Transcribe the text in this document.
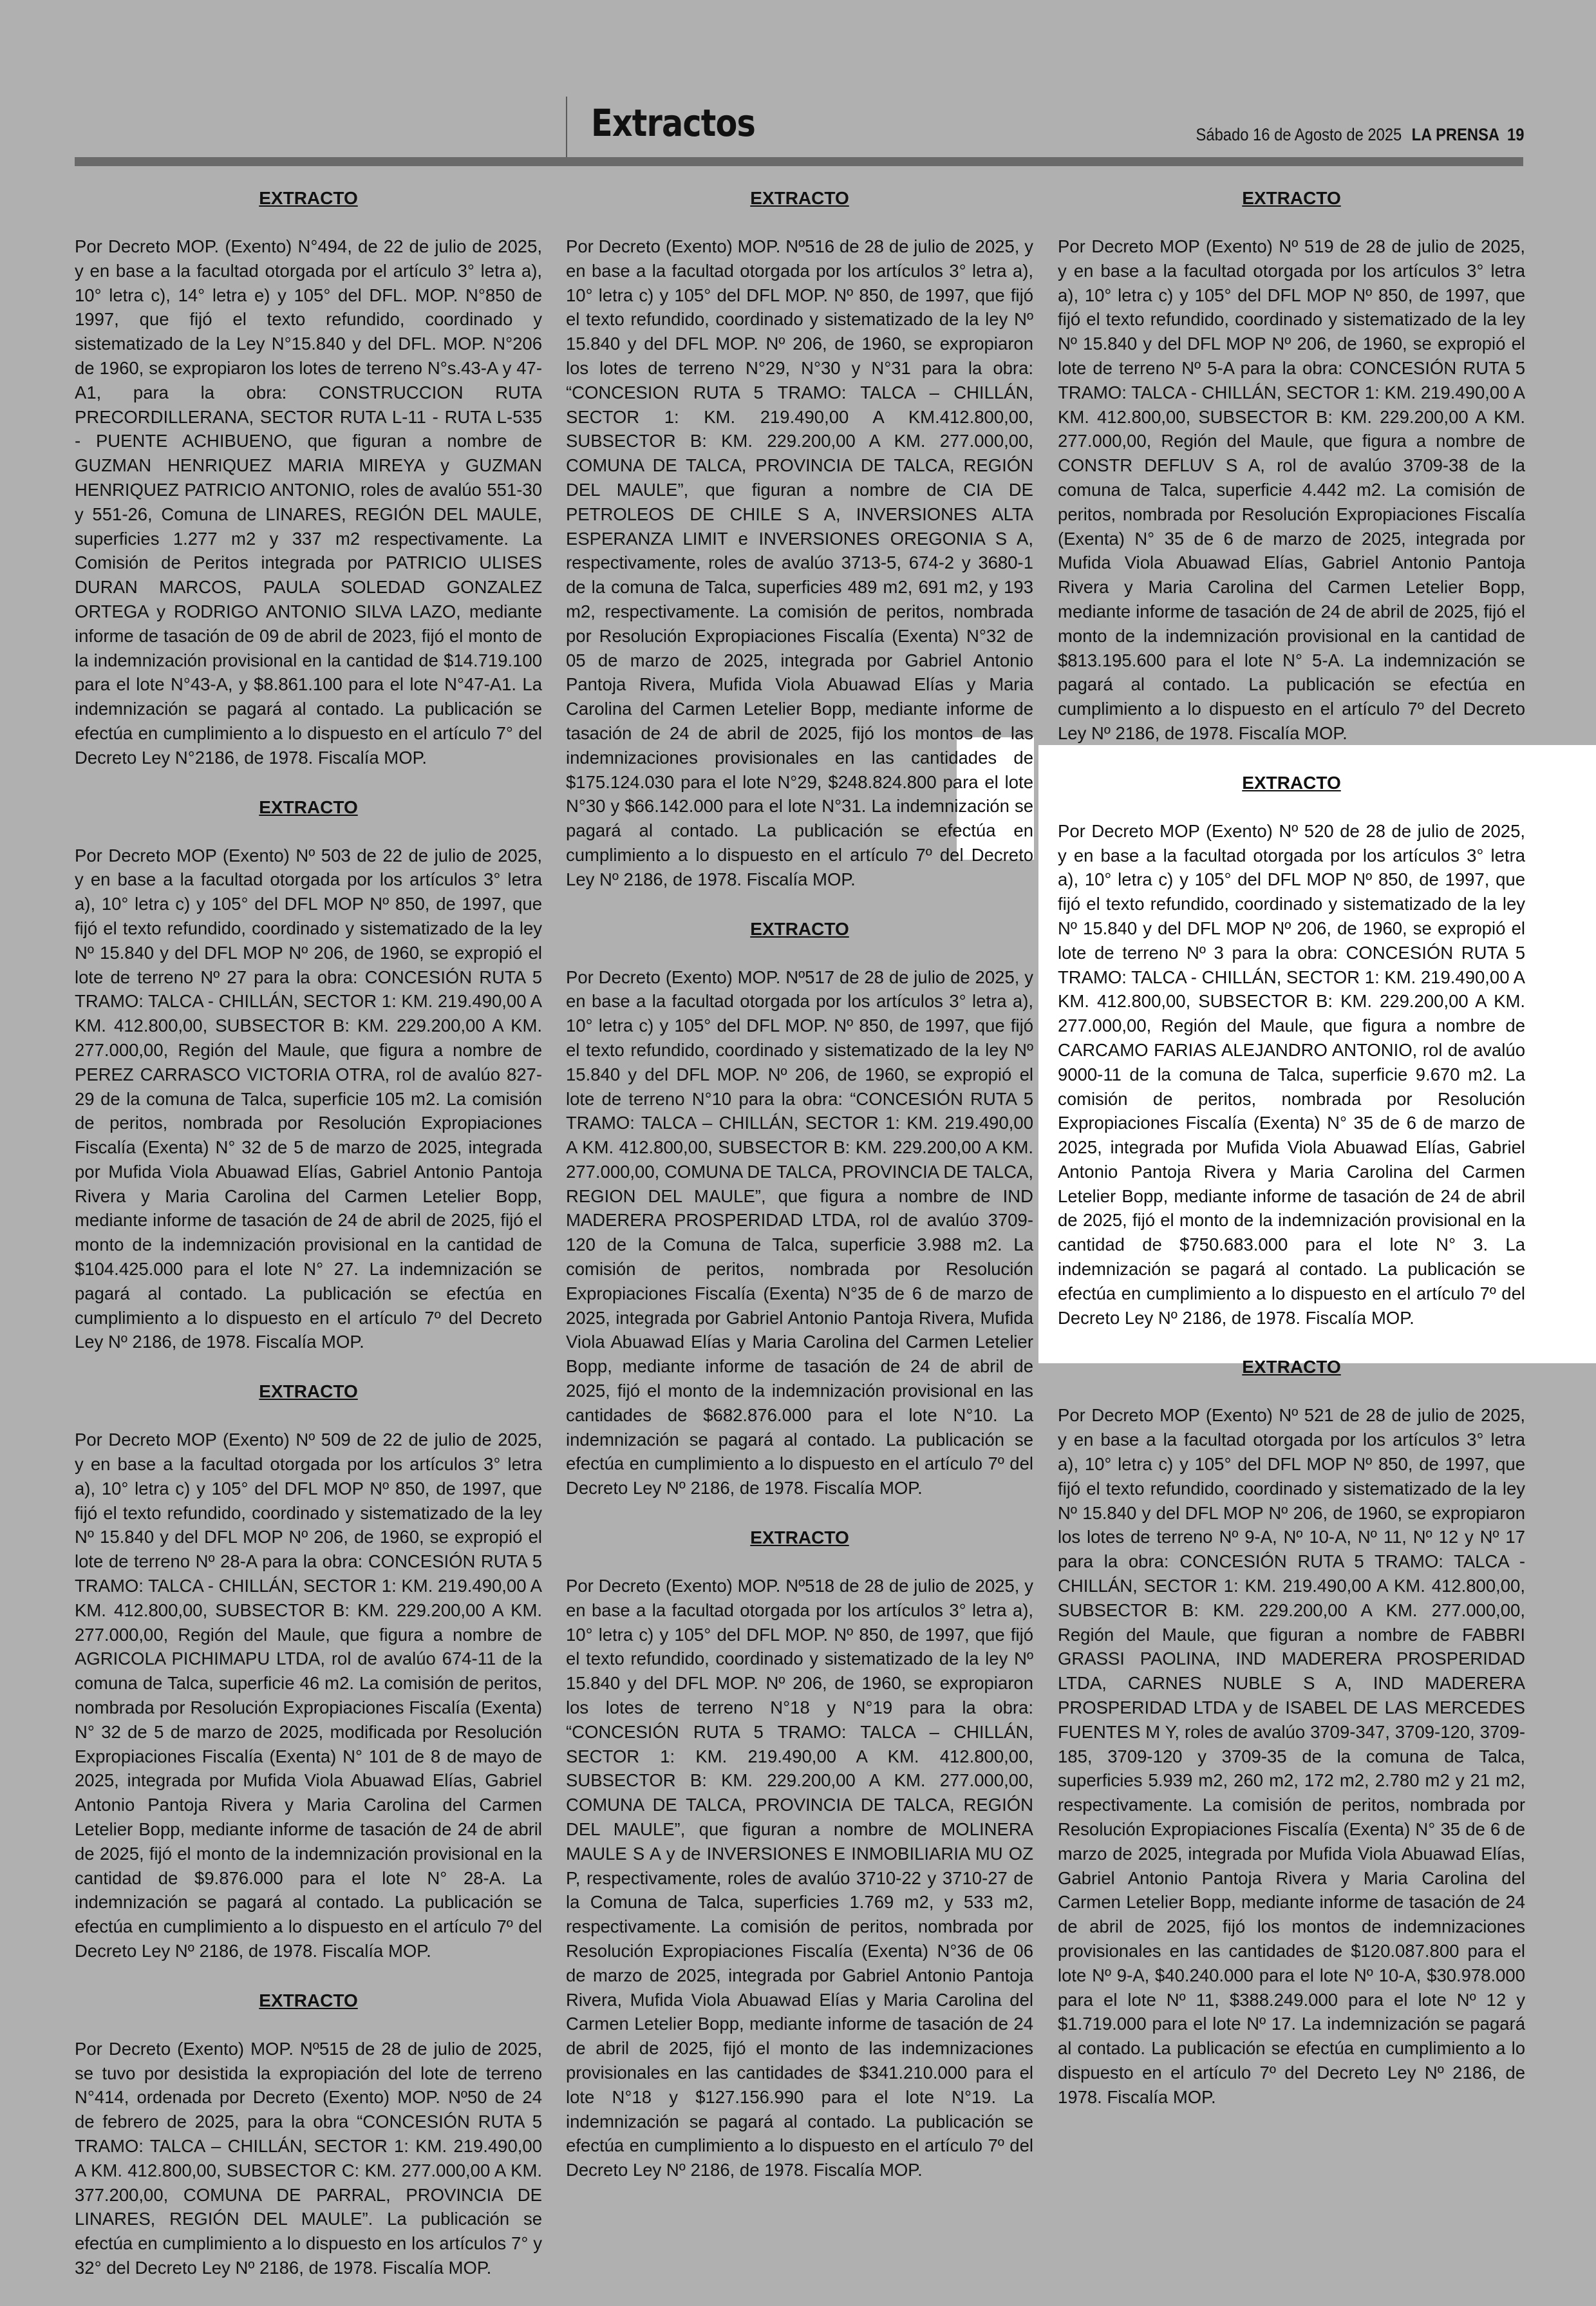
Extractos	Sábado 16 de Agosto de 2025 LA PRENSA 19
EXTRACTO
Por Decreto MOP. (Exento) N°494, de 22 de julio de 2025, y en base a la facultad otorgada por el artículo 3° letra a), 10° letra c), 14° letra e) y 105° del DFL. MOP. N°850 de 1997, que fijó el texto refundido, coordinado y sistematizado de la Ley N°15.840 y del DFL. MOP. N°206 de 1960, se expropiaron los lotes de terreno N°s.43-A y 47-A1, para la obra: CONSTRUCCION RUTA PRECORDILLERANA, SECTOR RUTA L-11 - RUTA L-535 - PUENTE ACHIBUENO, que figuran a nombre de GUZMAN HENRIQUEZ MARIA MIREYA y GUZMAN HENRIQUEZ PATRICIO ANTONIO, roles de avalúo 551-30 y 551-26, Comuna de LINARES, REGIÓN DEL MAULE, superficies 1.277 m2 y 337 m2 respectivamente. La Comisión de Peritos integrada por PATRICIO ULISES DURAN MARCOS, PAULA SOLEDAD GONZALEZ ORTEGA y RODRIGO ANTONIO SILVA LAZO, mediante informe de tasación de 09 de abril de 2023, fijó el monto de la indemnización provisional en la cantidad de $14.719.100 para el lote N°43-A, y $8.861.100 para el lote N°47-A1. La indemnización se pagará al contado. La publicación se efectúa en cumplimiento a lo dispuesto en el artículo 7° del Decreto Ley N°2186, de 1978. Fiscalía MOP.
EXTRACTO
Por Decreto MOP (Exento) Nº 503 de 22 de julio de 2025, y en base a la facultad otorgada por los artículos 3° letra a), 10° letra c) y 105° del DFL MOP Nº 850, de 1997, que fijó el texto refundido, coordinado y sistematizado de la ley Nº 15.840 y del DFL MOP Nº 206, de 1960, se expropió el lote de terreno Nº 27 para la obra: CONCESIÓN RUTA 5 TRAMO: TALCA - CHILLÁN, SECTOR 1: KM. 219.490,00 A KM. 412.800,00, SUBSECTOR B: KM. 229.200,00 A KM. 277.000,00, Región del Maule, que figura a nombre de PEREZ CARRASCO VICTORIA OTRA, rol de avalúo 827-29 de la comuna de Talca, superficie 105 m2. La comisión de peritos, nombrada por Resolución Expropiaciones Fiscalía (Exenta) N° 32 de 5 de marzo de 2025, integrada por Mufida Viola Abuawad Elías, Gabriel Antonio Pantoja Rivera y Maria Carolina del Carmen Letelier Bopp, mediante informe de tasación de 24 de abril de 2025, fijó el monto de la indemnización provisional en la cantidad de $104.425.000 para el lote N° 27. La indemnización se pagará al contado. La publicación se efectúa en cumplimiento a lo dispuesto en el artículo 7º del Decreto Ley Nº 2186, de 1978. Fiscalía MOP.
EXTRACTO
Por Decreto MOP (Exento) Nº 509 de 22 de julio de 2025, y en base a la facultad otorgada por los artículos 3° letra a), 10° letra c) y 105° del DFL MOP Nº 850, de 1997, que fijó el texto refundido, coordinado y sistematizado de la ley Nº 15.840 y del DFL MOP Nº 206, de 1960, se expropió el lote de terreno Nº 28-A para la obra: CONCESIÓN RUTA 5 TRAMO: TALCA - CHILLÁN, SECTOR 1: KM. 219.490,00 A KM. 412.800,00, SUBSECTOR B: KM. 229.200,00 A KM. 277.000,00, Región del Maule, que figura a nombre de AGRICOLA PICHIMAPU LTDA, rol de avalúo 674-11 de la comuna de Talca, superficie 46 m2. La comisión de peritos, nombrada por Resolución Expropiaciones Fiscalía (Exenta) N° 32 de 5 de marzo de 2025, modificada por Resolución Expropiaciones Fiscalía (Exenta) N° 101 de 8 de mayo de 2025, integrada por Mufida Viola Abuawad Elías, Gabriel Antonio Pantoja Rivera y Maria Carolina del Carmen Letelier Bopp, mediante informe de tasación de 24 de abril de 2025, fijó el monto de la indemnización provisional en la cantidad de $9.876.000 para el lote N° 28-A. La indemnización se pagará al contado. La publicación se efectúa en cumplimiento a lo dispuesto en el artículo 7º del Decreto Ley Nº 2186, de 1978. Fiscalía MOP.
EXTRACTO
Por Decreto (Exento) MOP. Nº515 de 28 de julio de 2025, se tuvo por desistida la expropiación del lote de terreno N°414, ordenada por Decreto (Exento) MOP. Nº50 de 24 de febrero de 2025, para la obra “CONCESIÓN RUTA 5 TRAMO: TALCA – CHILLÁN, SECTOR 1: KM. 219.490,00 A KM. 412.800,00, SUBSECTOR C: KM. 277.000,00 A KM. 377.200,00, COMUNA DE PARRAL, PROVINCIA DE LINARES, REGIÓN DEL MAULE”. La publicación se efectúa en cumplimiento a lo dispuesto en los artículos 7° y 32° del Decreto Ley Nº 2186, de 1978. Fiscalía MOP.
EXTRACTO
Por Decreto (Exento) MOP. Nº516 de 28 de julio de 2025, y en base a la facultad otorgada por los artículos 3° letra a), 10° letra c) y 105° del DFL MOP. Nº 850, de 1997, que fijó el texto refundido, coordinado y sistematizado de la ley Nº 15.840 y del DFL MOP. Nº 206, de 1960, se expropiaron los lotes de terreno N°29, N°30 y N°31 para la obra: “CONCESION RUTA 5 TRAMO: TALCA – CHILLÁN, SECTOR 1: KM. 219.490,00 A KM.412.800,00, SUBSECTOR B: KM. 229.200,00 A KM. 277.000,00, COMUNA DE TALCA, PROVINCIA DE TALCA, REGIÓN DEL MAULE”, que figuran a nombre de CIA DE PETROLEOS DE CHILE S A, INVERSIONES ALTA ESPERANZA LIMIT e INVERSIONES OREGONIA S A, respectivamente, roles de avalúo 3713-5, 674-2 y 3680-1 de la comuna de Talca, superficies 489 m2, 691 m2, y 193 m2, respectivamente. La comisión de peritos, nombrada por Resolución Expropiaciones Fiscalía (Exenta) N°32 de 05 de marzo de 2025, integrada por Gabriel Antonio Pantoja Rivera, Mufida Viola Abuawad Elías y Maria Carolina del Carmen Letelier Bopp, mediante informe de tasación de 24 de abril de 2025, fijó los montos de las indemnizaciones provisionales en las cantidades de $175.124.030 para el lote N°29, $248.824.800 para el lote N°30 y $66.142.000 para el lote N°31. La indemnización se pagará al contado. La publicación se efectúa en cumplimiento a lo dispuesto en el artículo 7º del Decreto Ley Nº 2186, de 1978. Fiscalía MOP.
EXTRACTO
Por Decreto (Exento) MOP. Nº517 de 28 de julio de 2025, y en base a la facultad otorgada por los artículos 3° letra a), 10° letra c) y 105° del DFL MOP. Nº 850, de 1997, que fijó el texto refundido, coordinado y sistematizado de la ley Nº 15.840 y del DFL MOP. Nº 206, de 1960, se expropió el lote de terreno N°10 para la obra: “CONCESIÓN RUTA 5 TRAMO: TALCA – CHILLÁN, SECTOR 1: KM. 219.490,00 A KM. 412.800,00, SUBSECTOR B: KM. 229.200,00 A KM. 277.000,00, COMUNA DE TALCA, PROVINCIA DE TALCA, REGION DEL MAULE”, que figura a nombre de IND MADERERA PROSPERIDAD LTDA, rol de avalúo 3709-120 de la Comuna de Talca, superficie 3.988 m2. La comisión de peritos, nombrada por Resolución Expropiaciones Fiscalía (Exenta) N°35 de 6 de marzo de 2025, integrada por Gabriel Antonio Pantoja Rivera, Mufida Viola Abuawad Elías y Maria Carolina del Carmen Letelier Bopp, mediante informe de tasación de 24 de abril de 2025, fijó el monto de la indemnización provisional en las cantidades de $682.876.000 para el lote N°10. La indemnización se pagará al contado. La publicación se efectúa en cumplimiento a lo dispuesto en el artículo 7º del Decreto Ley Nº 2186, de 1978. Fiscalía MOP.
EXTRACTO
Por Decreto (Exento) MOP. Nº518 de 28 de julio de 2025, y en base a la facultad otorgada por los artículos 3° letra a), 10° letra c) y 105° del DFL MOP. Nº 850, de 1997, que fijó el texto refundido, coordinado y sistematizado de la ley Nº 15.840 y del DFL MOP. Nº 206, de 1960, se expropiaron los lotes de terreno N°18 y N°19 para la obra: “CONCESIÓN RUTA 5 TRAMO: TALCA – CHILLÁN, SECTOR 1: KM. 219.490,00 A KM. 412.800,00, SUBSECTOR B: KM. 229.200,00 A KM. 277.000,00, COMUNA DE TALCA, PROVINCIA DE TALCA, REGIÓN DEL MAULE”, que figuran a nombre de MOLINERA MAULE S A y de INVERSIONES E INMOBILIARIA MU OZ P, respectivamente, roles de avalúo 3710-22 y 3710-27 de la Comuna de Talca, superficies 1.769 m2, y 533 m2, respectivamente. La comisión de peritos, nombrada por Resolución Expropiaciones Fiscalía (Exenta) N°36 de 06 de marzo de 2025, integrada por Gabriel Antonio Pantoja Rivera, Mufida Viola Abuawad Elías y Maria Carolina del Carmen Letelier Bopp, mediante informe de tasación de 24 de abril de 2025, fijó el monto de las indemnizaciones provisionales en las cantidades de $341.210.000 para el lote N°18 y $127.156.990 para el lote N°19. La indemnización se pagará al contado. La publicación se efectúa en cumplimiento a lo dispuesto en el artículo 7º del Decreto Ley Nº 2186, de 1978. Fiscalía MOP.
EXTRACTO
Por Decreto MOP (Exento) Nº 519 de 28 de julio de 2025, y en base a la facultad otorgada por los artículos 3° letra a), 10° letra c) y 105° del DFL MOP Nº 850, de 1997, que fijó el texto refundido, coordinado y sistematizado de la ley Nº 15.840 y del DFL MOP Nº 206, de 1960, se expropió el lote de terreno Nº 5-A para la obra: CONCESIÓN RUTA 5 TRAMO: TALCA - CHILLÁN, SECTOR 1: KM. 219.490,00 A KM. 412.800,00, SUBSECTOR B: KM. 229.200,00 A KM. 277.000,00, Región del Maule, que figura a nombre de CONSTR DEFLUV S A, rol de avalúo 3709-38 de la comuna de Talca, superficie 4.442 m2. La comisión de peritos, nombrada por Resolución Expropiaciones Fiscalía (Exenta) N° 35 de 6 de marzo de 2025, integrada por Mufida Viola Abuawad Elías, Gabriel Antonio Pantoja Rivera y Maria Carolina del Carmen Letelier Bopp, mediante informe de tasación de 24 de abril de 2025, fijó el monto de la indemnización provisional en la cantidad de $813.195.600 para el lote N° 5-A. La indemnización se pagará al contado. La publicación se efectúa en cumplimiento a lo dispuesto en el artículo 7º del Decreto Ley Nº 2186, de 1978. Fiscalía MOP.
EXTRACTO
Por Decreto MOP (Exento) Nº 520 de 28 de julio de 2025, y en base a la facultad otorgada por los artículos 3° letra a), 10° letra c) y 105° del DFL MOP Nº 850, de 1997, que fijó el texto refundido, coordinado y sistematizado de la ley Nº 15.840 y del DFL MOP Nº 206, de 1960, se expropió el lote de terreno Nº 3 para la obra: CONCESIÓN RUTA 5 TRAMO: TALCA - CHILLÁN, SECTOR 1: KM. 219.490,00 A KM. 412.800,00, SUBSECTOR B: KM. 229.200,00 A KM. 277.000,00, Región del Maule, que figura a nombre de CARCAMO FARIAS ALEJANDRO ANTONIO, rol de avalúo 9000-11 de la comuna de Talca, superficie 9.670 m2. La comisión de peritos, nombrada por Resolución Expropiaciones Fiscalía (Exenta) N° 35 de 6 de marzo de 2025, integrada por Mufida Viola Abuawad Elías, Gabriel Antonio Pantoja Rivera y Maria Carolina del Carmen Letelier Bopp, mediante informe de tasación de 24 de abril de 2025, fijó el monto de la indemnización provisional en la cantidad de $750.683.000 para el lote N° 3. La indemnización se pagará al contado. La publicación se efectúa en cumplimiento a lo dispuesto en el artículo 7º del Decreto Ley Nº 2186, de 1978. Fiscalía MOP.
EXTRACTO
Por Decreto MOP (Exento) Nº 521 de 28 de julio de 2025, y en base a la facultad otorgada por los artículos 3° letra a), 10° letra c) y 105° del DFL MOP Nº 850, de 1997, que fijó el texto refundido, coordinado y sistematizado de la ley Nº 15.840 y del DFL MOP Nº 206, de 1960, se expropiaron los lotes de terreno Nº 9-A, Nº 10-A, Nº 11, Nº 12 y Nº 17 para la obra: CONCESIÓN RUTA 5 TRAMO: TALCA - CHILLÁN, SECTOR 1: KM. 219.490,00 A KM. 412.800,00, SUBSECTOR B: KM. 229.200,00 A KM. 277.000,00, Región del Maule, que figuran a nombre de FABBRI GRASSI PAOLINA, IND MADERERA PROSPERIDAD LTDA, CARNES NUBLE S A, IND MADERERA PROSPERIDAD LTDA y de ISABEL DE LAS MERCEDES FUENTES M Y, roles de avalúo 3709-347, 3709-120, 3709-185, 3709-120 y 3709-35 de la comuna de Talca, superficies 5.939 m2, 260 m2, 172 m2, 2.780 m2 y 21 m2, respectivamente. La comisión de peritos, nombrada por Resolución Expropiaciones Fiscalía (Exenta) N° 35 de 6 de marzo de 2025, integrada por Mufida Viola Abuawad Elías, Gabriel Antonio Pantoja Rivera y Maria Carolina del Carmen Letelier Bopp, mediante informe de tasación de 24 de abril de 2025, fijó los montos de indemnizaciones provisionales en las cantidades de $120.087.800 para el lote Nº 9-A, $40.240.000 para el lote Nº 10-A, $30.978.000 para el lote Nº 11, $388.249.000 para el lote Nº 12 y $1.719.000 para el lote Nº 17. La indemnización se pagará al contado. La publicación se efectúa en cumplimiento a lo dispuesto en el artículo 7º del Decreto Ley Nº 2186, de 1978. Fiscalía MOP.
